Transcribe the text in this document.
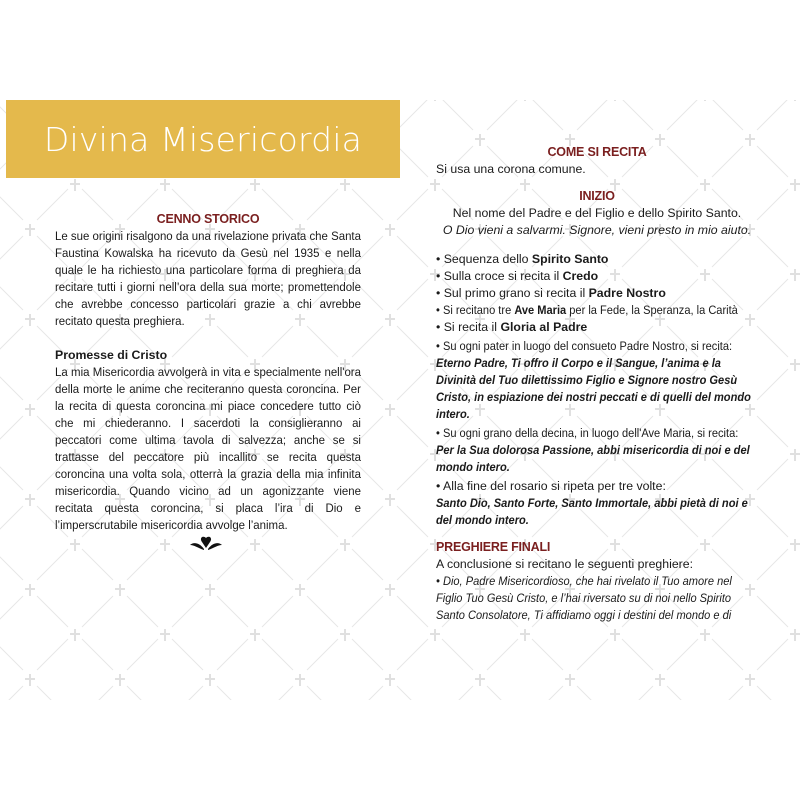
Divina Misericordia
CENNO STORICO

Le sue origini risalgono da una rivelazione privata che Santa Faustina Kowalska ha ricevuto da Gesù nel 1935 e nella quale le ha richiesto una particolare forma di preghiera da recitare tutti i giorni nell’ora della sua morte; promettendole che avrebbe concesso particolari grazie a chi avrebbe recitato questa preghiera.

Promesse di Cristo

La mia Misericordia avvolgerà in vita e specialmente nell'ora della morte le anime che reciteranno questa coroncina. Per la recita di questa coroncina mi piace concedere tutto ciò che mi chiederanno. I sacerdoti la consiglieranno ai peccatori come ultima tavola di salvezza; anche se si trattasse del peccatore più incallito se recita questa coroncina una volta sola, otterrà la grazia della mia infinita misericordia. Quando vicino ad un agonizzante viene recitata questa coroncina, si placa l’ira di Dio e l’imperscrutabile misericordia avvolge l’anima.

COME SI RECITA

Si usa una corona comune.

INIZIO

Nel nome del Padre e del Figlio e dello Spirito Santo.

O Dio vieni a salvarmi. Signore, vieni presto in mio aiuto.

• Sequenza dello Spirito Santo
• Sulla croce si recita il Credo
• Sul primo grano si recita il Padre Nostro
• Si recitano tre Ave Maria per la Fede, la Speranza, la Carità
• Si recita il Gloria al Padre

• Su ogni pater in luogo del consueto Padre Nostro, si recita:

Eterno Padre, Ti offro il Corpo e il Sangue, l’anima e la Divinità del Tuo dilettissimo Figlio e Signore nostro Gesù Cristo, in espiazione dei nostri peccati e di quelli del mondo intero.

• Su ogni grano della decina, in luogo dell'Ave Maria, si recita:

Per la Sua dolorosa Passione, abbi misericordia di noi e del mondo intero.

• Alla fine del rosario si ripeta per tre volte:

Santo Dio, Santo Forte, Santo Immortale, abbi pietà di noi e del mondo intero.

PREGHIERE FINALI

A conclusione si recitano le seguenti preghiere:

• Dio, Padre Misericordioso, che hai rivelato il Tuo amore nel Figlio Tuo Gesù Cristo, e l’hai riversato su di noi nello Spirito Santo Consolatore, Ti affidiamo oggi i destini del mondo e di
